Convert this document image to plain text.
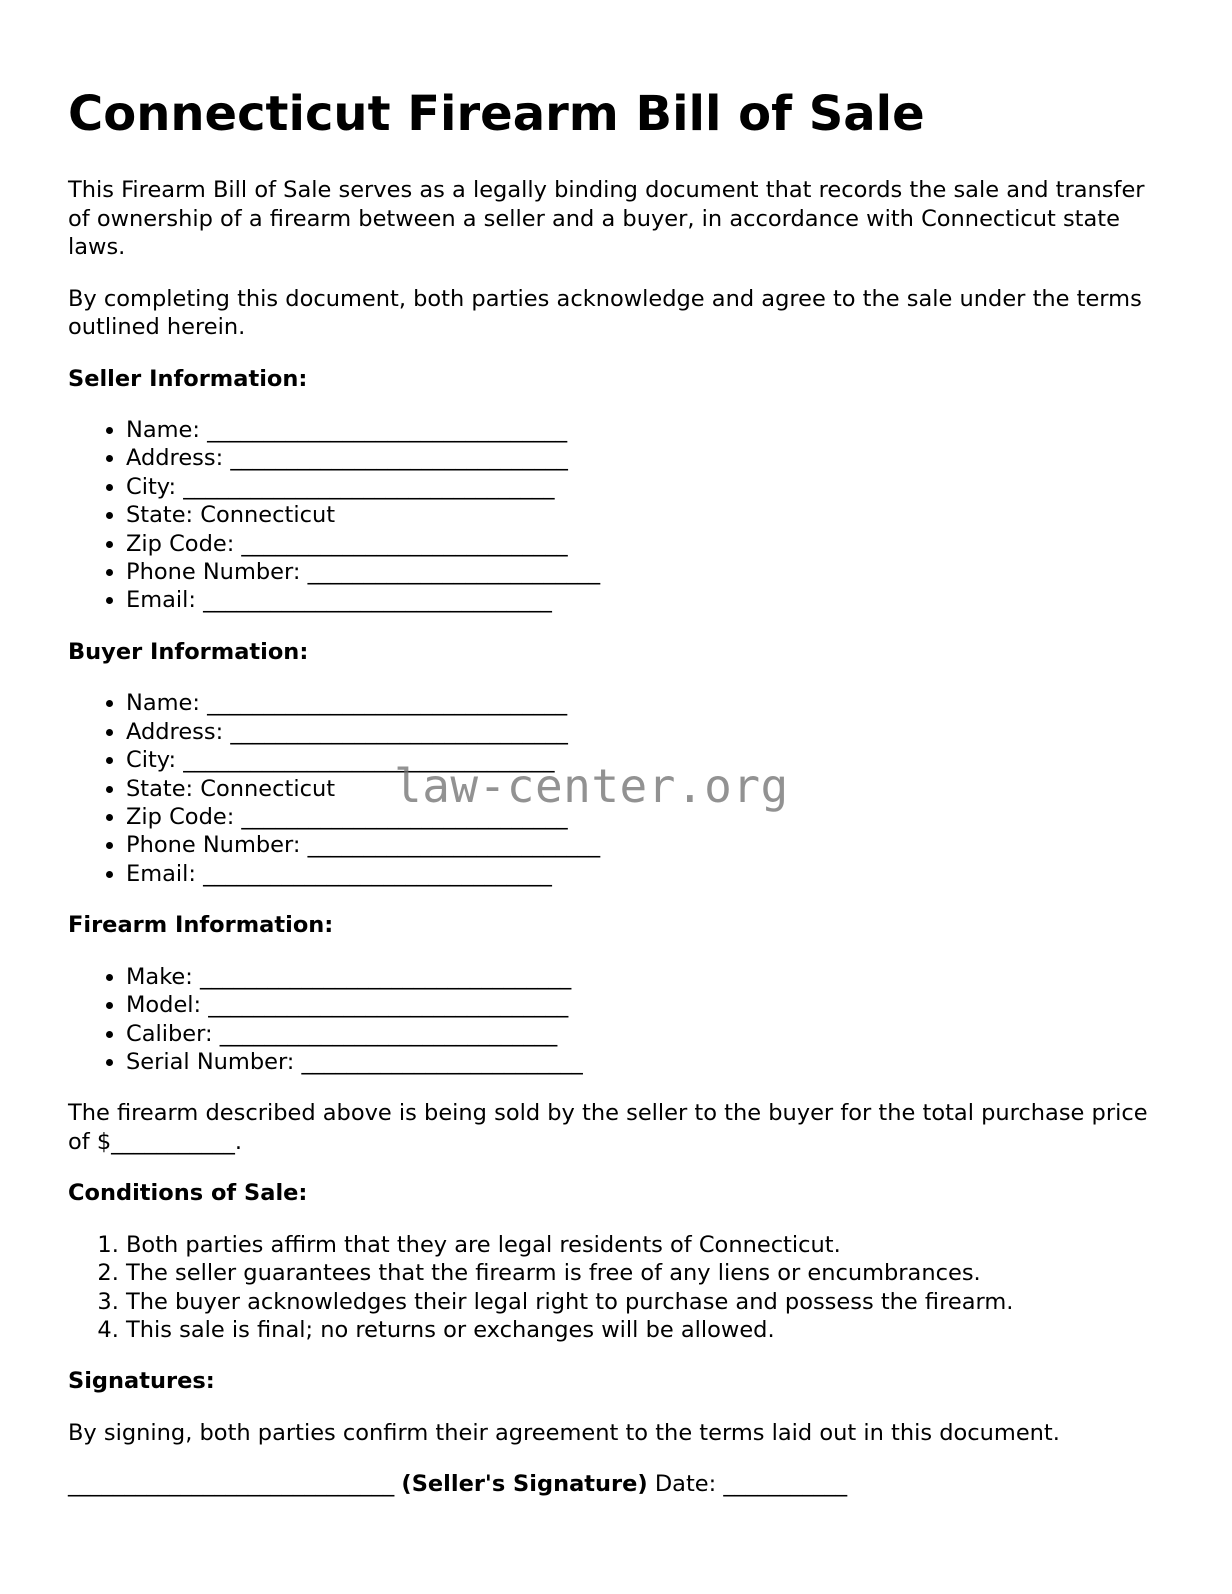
Connecticut Firearm Bill of Sale

This Firearm Bill of Sale serves as a legally binding document that records the sale and transfer of ownership of a firearm between a seller and a buyer, in accordance with Connecticut state laws.

By completing this document, both parties acknowledge and agree to the sale under the terms outlined herein.

Seller Information:
• Name: ________________________________
• Address: ______________________________
• City: _________________________________
• State: Connecticut
• Zip Code: _____________________________
• Phone Number: __________________________
• Email: _______________________________
Buyer Information:
• Name: ________________________________
• Address: ______________________________
• City: _________________________________
• State: Connecticut
• Zip Code: _____________________________
• Phone Number: __________________________
• Email: _______________________________
Firearm Information:
• Make: _________________________________
• Model: ________________________________
• Caliber: ______________________________
• Serial Number: _________________________

The firearm described above is being sold by the seller to the buyer for the total purchase price of $___________.

Conditions of Sale:
1. Both parties affirm that they are legal residents of Connecticut.
2. The seller guarantees that the firearm is free of any liens or encumbrances.
3. The buyer acknowledges their legal right to purchase and possess the firearm.
4. This sale is final; no returns or exchanges will be allowed.
Signatures:

By signing, both parties confirm their agreement to the terms laid out in this document.

_____________________________ (Seller's Signature) Date: ___________

law-center.org
